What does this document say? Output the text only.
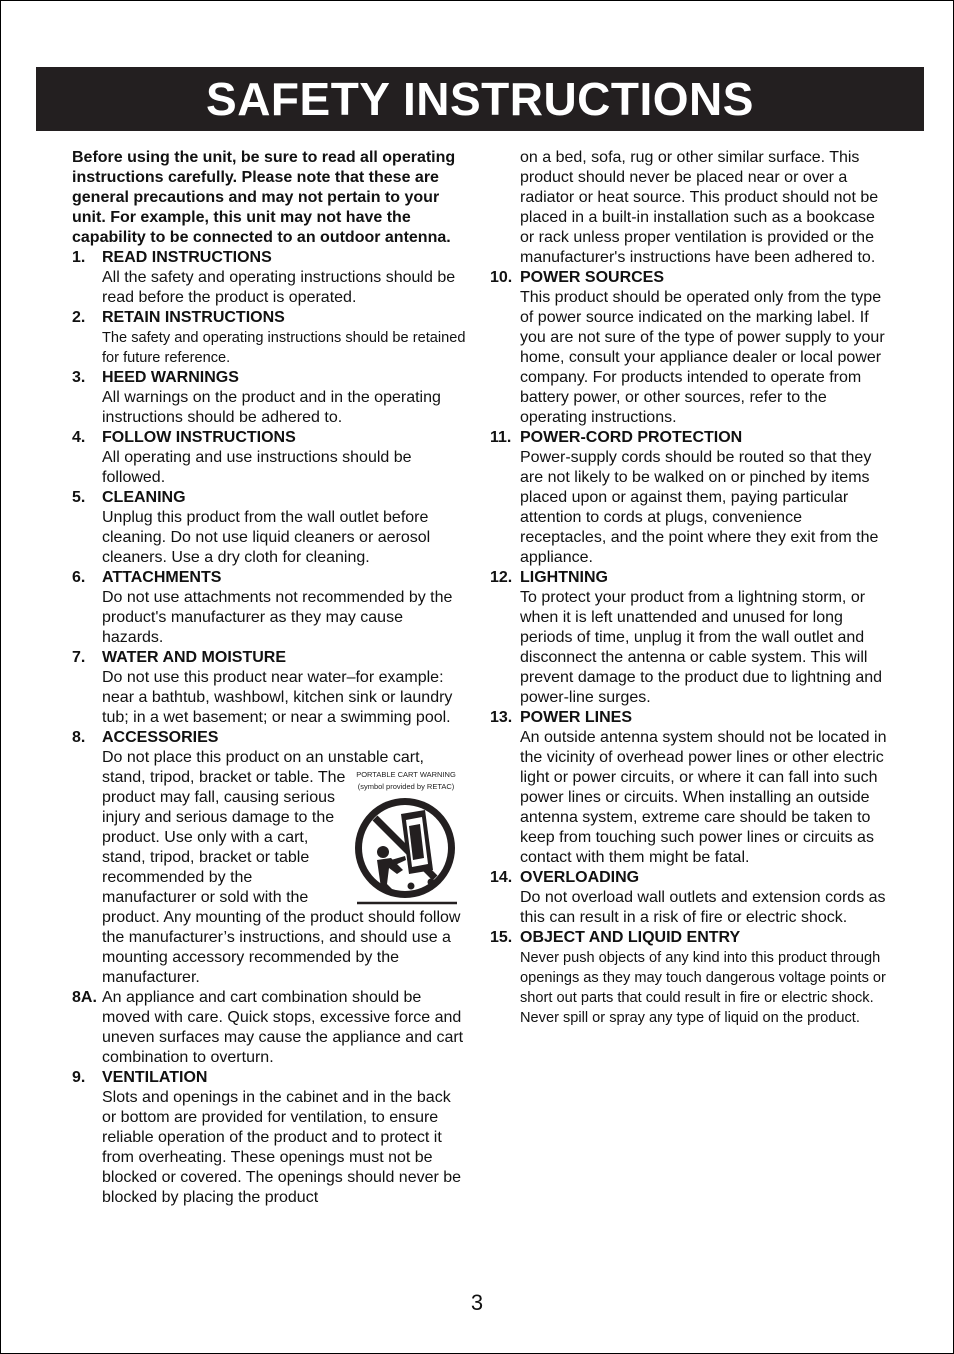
SAFETY INSTRUCTIONS
Before using the unit, be sure to read all operating instructions carefully. Please note that these are general precautions and may not pertain to your unit. For example, this unit may not have the capability to be connected to an outdoor antenna.
1. READ INSTRUCTIONS
All the safety and operating instructions should be read before the product is operated.
2. RETAIN INSTRUCTIONS
The safety and operating instructions should be retained for future reference.
3. HEED WARNINGS
All warnings on the product and in the operating instructions should be adhered to.
4. FOLLOW INSTRUCTIONS
All operating and use instructions should be followed.
5. CLEANING
Unplug this product from the wall outlet before cleaning. Do not use liquid cleaners or aerosol cleaners. Use a dry cloth for cleaning.
6. ATTACHMENTS
Do not use attachments not recommended by the product's manufacturer as they may cause hazards.
7. WATER AND MOISTURE
Do not use this product near water–for example: near a bathtub, washbowl, kitchen sink or laundry tub; in a wet basement; or near a swimming pool.
8. ACCESSORIES
PORTABLE CART WARNING
(symbol provided by RETAC)
Do not place this product on an unstable cart, stand, tripod, bracket or table. The product may fall, causing serious injury and serious damage to the product. Use only with a cart, stand, tripod, bracket or table recommended by the manufacturer or sold with the product. Any mounting of the product should follow the manufacturer’s instructions, and should use a mounting accessory recommended by the manufacturer.
8A. An appliance and cart combination should be moved with care. Quick stops, excessive force and uneven surfaces may cause the appliance and cart combination to overturn.
9. VENTILATION
Slots and openings in the cabinet and in the back or bottom are provided for ventilation, to ensure reliable operation of the product and to protect it from overheating. These openings must not be blocked or covered. The openings should never be blocked by placing the product
on a bed, sofa, rug or other similar surface. This product should never be placed near or over a radiator or heat source. This product should not be placed in a built-in installation such as a bookcase or rack unless proper ventilation is provided or the manufacturer's instructions have been adhered to.
10. POWER SOURCES
This product should be operated only from the type of power source indicated on the marking label. If you are not sure of the type of power supply to your home, consult your appliance dealer or local power company. For products intended to operate from battery power, or other sources, refer to the operating instructions.
11. POWER-CORD PROTECTION
Power-supply cords should be routed so that they are not likely to be walked on or pinched by items placed upon or against them, paying particular attention to cords at plugs, convenience receptacles, and the point where they exit from the appliance.
12. LIGHTNING
To protect your product from a lightning storm, or when it is left unattended and unused for long periods of time, unplug it from the wall outlet and disconnect the antenna or cable system. This will prevent damage to the product due to lightning and power-line surges.
13. POWER LINES
An outside antenna system should not be located in the vicinity of overhead power lines or other electric light or power circuits, or where it can fall into such power lines or circuits. When installing an outside antenna system, extreme care should be taken to keep from touching such power lines or circuits as contact with them might be fatal.
14. OVERLOADING
Do not overload wall outlets and extension cords as this can result in a risk of fire or electric shock.
15. OBJECT AND LIQUID ENTRY
Never push objects of any kind into this product through openings as they may touch dangerous voltage points or short out parts that could result in fire or electric shock. Never spill or spray any type of liquid on the product.
3
